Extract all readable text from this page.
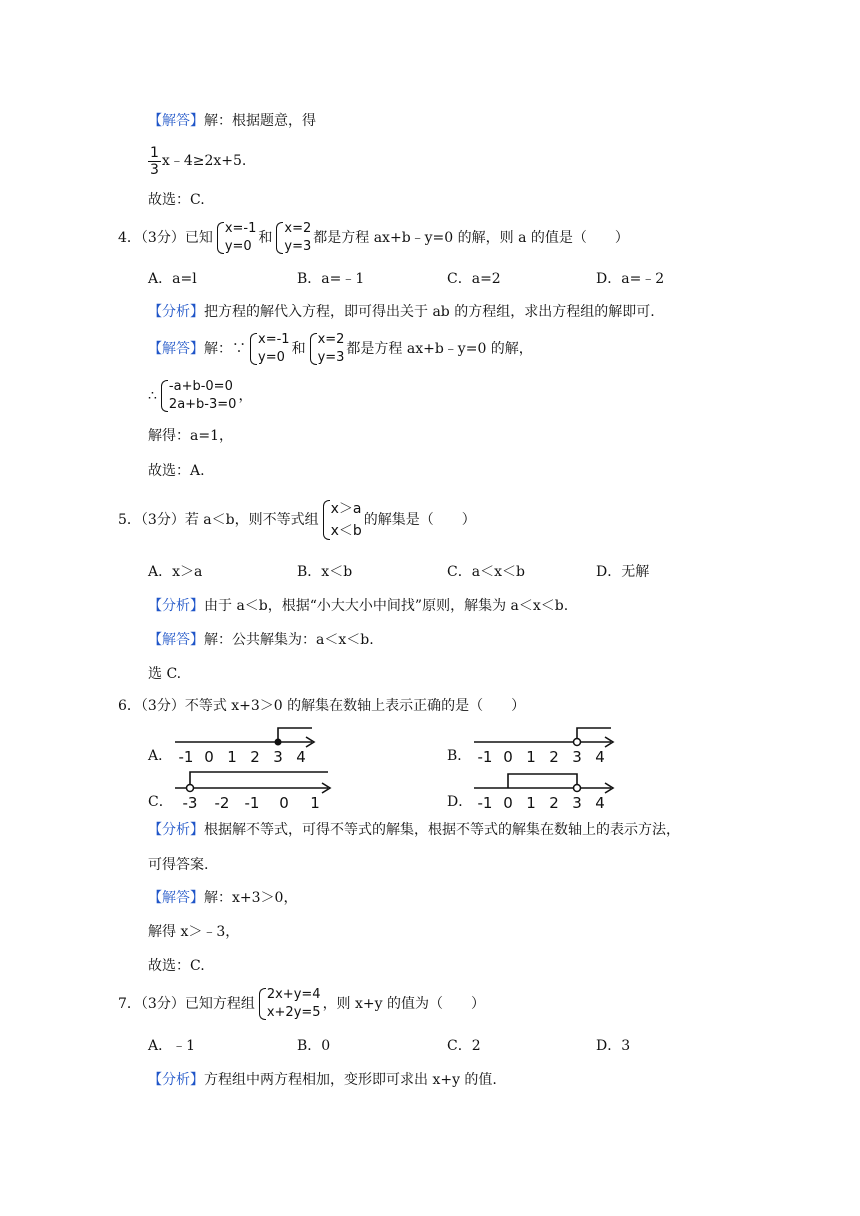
【解答】解：根据题意，得
$\frac{1}{3}$ x﹣4≥2x+5.
故选：C.
4．（3分）已知
x=-1
y=0
和
x=2
y=3
都是方程 ax+b﹣y=0 的解，则 a 的值是（　　）
A．a=l	B．a=﹣1	C．a=2	D．a=﹣2
【分析】把方程的解代入方程，即可得出关于 ab 的方程组，求出方程组的解即可.
【解答】解：∵
x=-1
y=0
和
x=2
y=3
都是方程 ax+b﹣y=0 的解，
∴
-a+b-0=0
2a+b-3=0
，
解得：a=1，
故选：A.
5．（3分）若 a＜b，则不等式组
x＞a
x＜b
的解集是（　　）
A．x＞a	B．x＜b	C．a＜x＜b	D．无解
【分析】由于 a＜b，根据“小大大小中间找”原则，解集为 a＜x＜b.
【解答】解：公共解集为：a＜x＜b.
选 C.
6．（3分）不等式 x+3＞0 的解集在数轴上表示正确的是（　　）
A． -1 0 1 2 3 4	B． -1 0 1 2 3 4
C． -3 -2 -1 0 1	D． -1 0 1 2 3 4
【分析】根据解不等式，可得不等式的解集，根据不等式的解集在数轴上的表示方法，
可得答案.
【解答】解：x+3＞0，
解得 x＞﹣3，
故选：C.
7．（3分）已知方程组
2x+y=4
x+2y=5
，则 x+y 的值为（　　）
A．﹣1	B．0	C．2	D．3
【分析】方程组中两方程相加，变形即可求出 x+y 的值.
